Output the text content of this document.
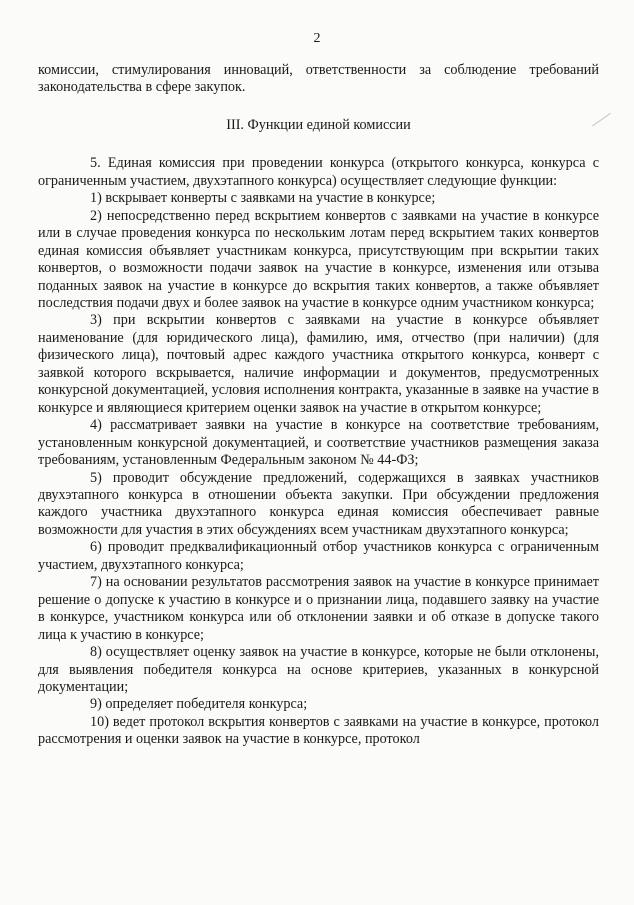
2

комиссии, стимулирования инноваций, ответственности за соблюдение требований законодательства в сфере закупок.

III. Функции единой комиссии

5. Единая комиссия при проведении конкурса (открытого конкурса, конкурса с ограниченным участием, двухэтапного конкурса) осуществляет следующие функции:

1) вскрывает конверты с заявками на участие в конкурсе;

2) непосредственно перед вскрытием конвертов с заявками на участие в конкурсе или в случае проведения конкурса по нескольким лотам перед вскрытием таких конвертов единая комиссия объявляет участникам конкурса, присутствующим при вскрытии таких конвертов, о возможности подачи заявок на участие в конкурсе, изменения или отзыва поданных заявок на участие в конкурсе до вскрытия таких конвертов, а также объявляет последствия подачи двух и более заявок на участие в конкурсе одним участником конкурса;

3) при вскрытии конвертов с заявками на участие в конкурсе объявляет наименование (для юридического лица), фамилию, имя, отчество (при наличии) (для физического лица), почтовый адрес каждого участника открытого конкурса, конверт с заявкой которого вскрывается, наличие информации и документов, предусмотренных конкурсной документацией, условия исполнения контракта, указанные в заявке на участие в конкурсе и являющиеся критерием оценки заявок на участие в открытом конкурсе;

4) рассматривает заявки на участие в конкурсе на соответствие требованиям, установленным конкурсной документацией, и соответствие участников размещения заказа требованиям, установленным Федеральным законом № 44-ФЗ;

5) проводит обсуждение предложений, содержащихся в заявках участников двухэтапного конкурса в отношении объекта закупки. При обсуждении предложения каждого участника двухэтапного конкурса единая комиссия обеспечивает равные возможности для участия в этих обсуждениях всем участникам двухэтапного конкурса;

6) проводит предквалификационный отбор участников конкурса с ограниченным участием, двухэтапного конкурса;

7) на основании результатов рассмотрения заявок на участие в конкурсе принимает решение о допуске к участию в конкурсе и о признании лица, подавшего заявку на участие в конкурсе, участником конкурса или об отклонении заявки и об отказе в допуске такого лица к участию в конкурсе;

8) осуществляет оценку заявок на участие в конкурсе, которые не были отклонены, для выявления победителя конкурса на основе критериев, указанных в конкурсной документации;

9) определяет победителя конкурса;

10) ведет протокол вскрытия конвертов с заявками на участие в конкурсе, протокол рассмотрения и оценки заявок на участие в конкурсе, протокол
